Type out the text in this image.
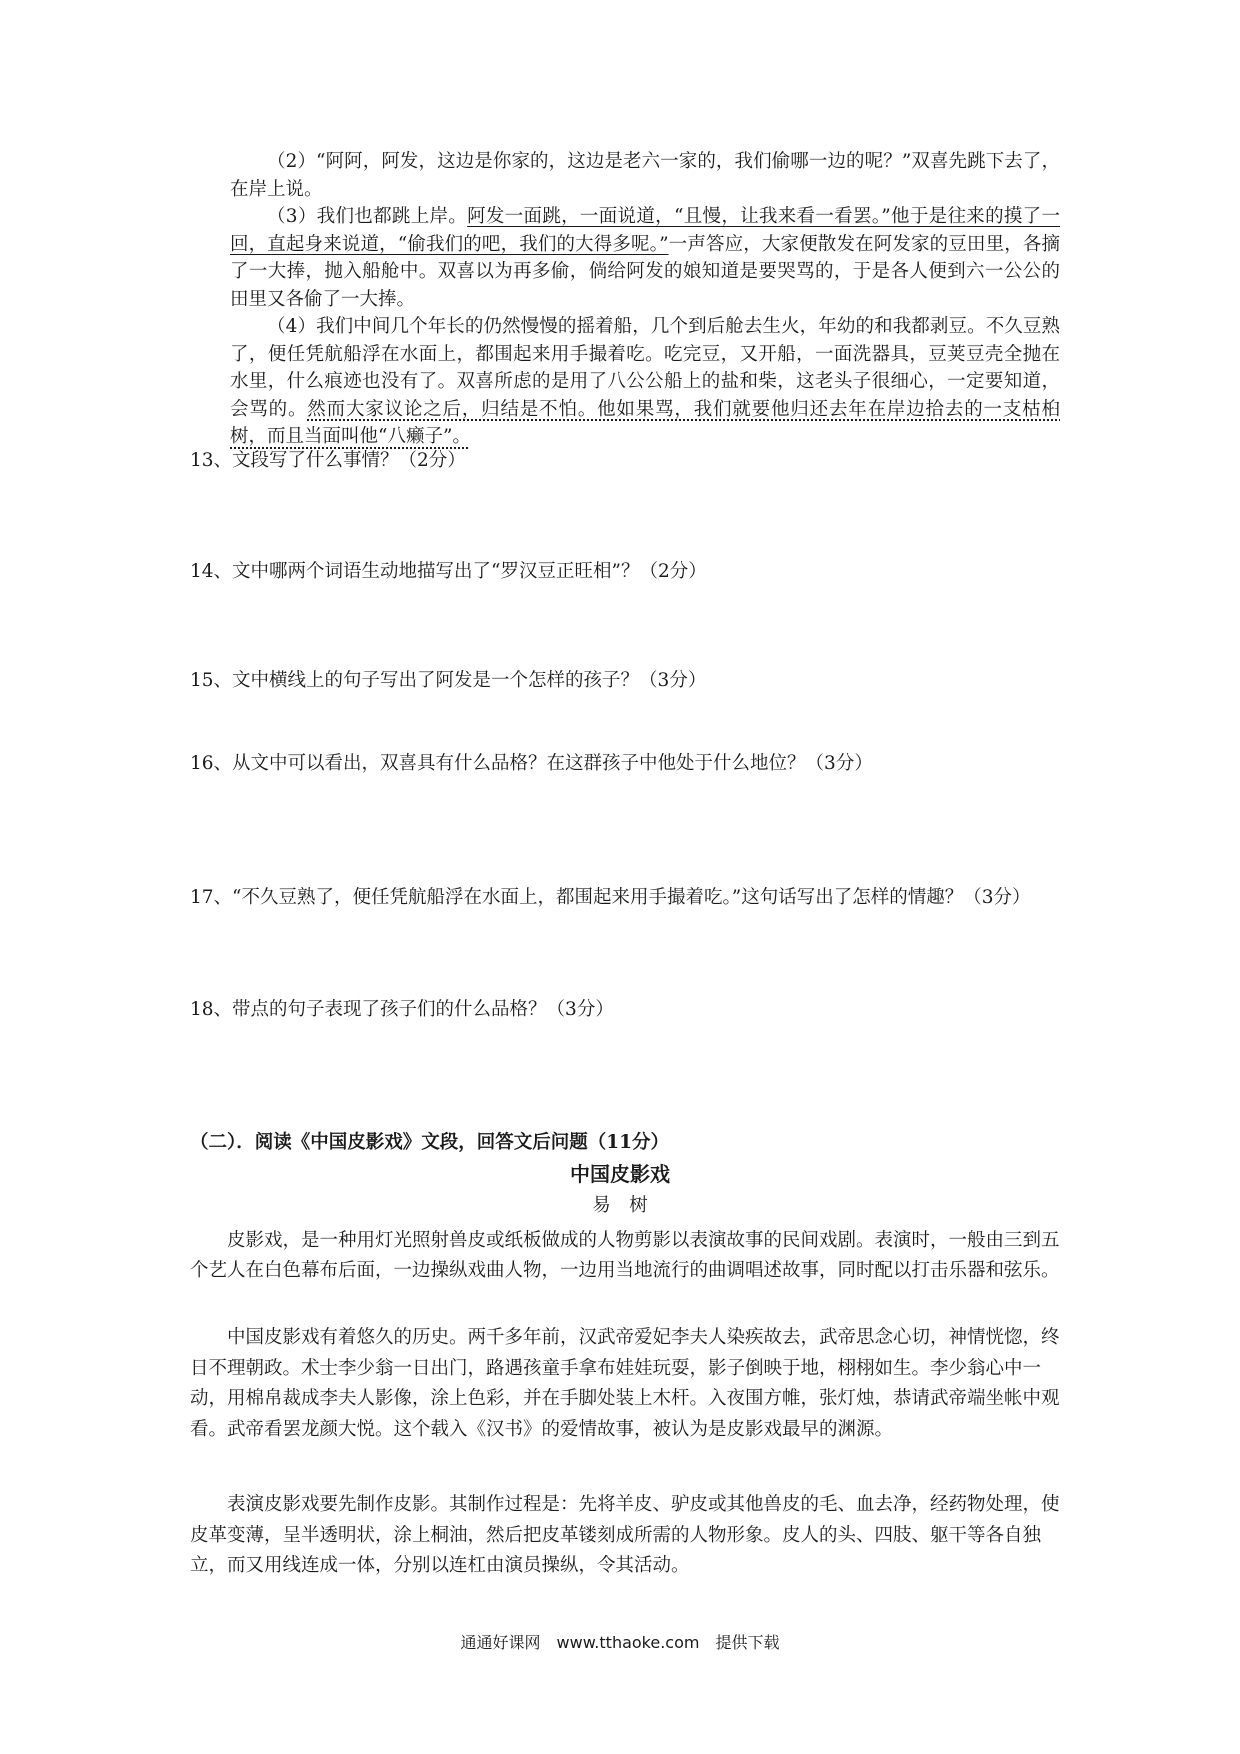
（2）“阿阿，阿发，这边是你家的，这边是老六一家的，我们偷哪一边的呢？”双喜先跳下去了，在岸上说。

（3）我们也都跳上岸。阿发一面跳，一面说道，“且慢，让我来看一看罢。”他于是往来的摸了一回，直起身来说道，“偷我们的吧，我们的大得多呢。”一声答应，大家便散发在阿发家的豆田里，各摘了一大捧，抛入船舱中。双喜以为再多偷，倘给阿发的娘知道是要哭骂的，于是各人便到六一公公的田里又各偷了一大捧。

（4）我们中间几个年长的仍然慢慢的摇着船，几个到后舱去生火，年幼的和我都剥豆。不久豆熟了，便任凭航船浮在水面上，都围起来用手撮着吃。吃完豆，又开船，一面洗器具，豆荚豆壳全抛在水里，什么痕迹也没有了。双喜所虑的是用了八公公船上的盐和柴，这老头子很细心，一定要知道，会骂的。然而大家议论之后，归结是不怕。他如果骂，我们就要他归还去年在岸边拾去的一支枯桕树，而且当面叫他“八癞子”。

13、文段写了什么事情？（2分）

14、文中哪两个词语生动地描写出了“罗汉豆正旺相”？（2分）

15、文中横线上的句子写出了阿发是一个怎样的孩子？（3分）

16、从文中可以看出，双喜具有什么品格？在这群孩子中他处于什么地位？（3分）

17、“不久豆熟了，便任凭航船浮在水面上，都围起来用手撮着吃。”这句话写出了怎样的情趣？（3分）

18、带点的句子表现了孩子们的什么品格？（3分）

（二）．阅读《中国皮影戏》文段，回答文后问题（11分）

中国皮影戏

易　树

皮影戏，是一种用灯光照射兽皮或纸板做成的人物剪影以表演故事的民间戏剧。表演时，一般由三到五个艺人在白色幕布后面，一边操纵戏曲人物，一边用当地流行的曲调唱述故事，同时配以打击乐器和弦乐。

中国皮影戏有着悠久的历史。两千多年前，汉武帝爱妃李夫人染疾故去，武帝思念心切，神情恍惚，终日不理朝政。术士李少翁一日出门，路遇孩童手拿布娃娃玩耍，影子倒映于地，栩栩如生。李少翁心中一动，用棉帛裁成李夫人影像，涂上色彩，并在手脚处装上木杆。入夜围方帷，张灯烛，恭请武帝端坐帐中观看。武帝看罢龙颜大悦。这个载入《汉书》的爱情故事，被认为是皮影戏最早的渊源。

表演皮影戏要先制作皮影。其制作过程是：先将羊皮、驴皮或其他兽皮的毛、血去净，经药物处理，使皮革变薄，呈半透明状，涂上桐油，然后把皮革镂刻成所需的人物形象。皮人的头、四肢、躯干等各自独立，而又用线连成一体，分别以连杠由演员操纵，令其活动。

通通好课网　www.tthaoke.com　提供下载
